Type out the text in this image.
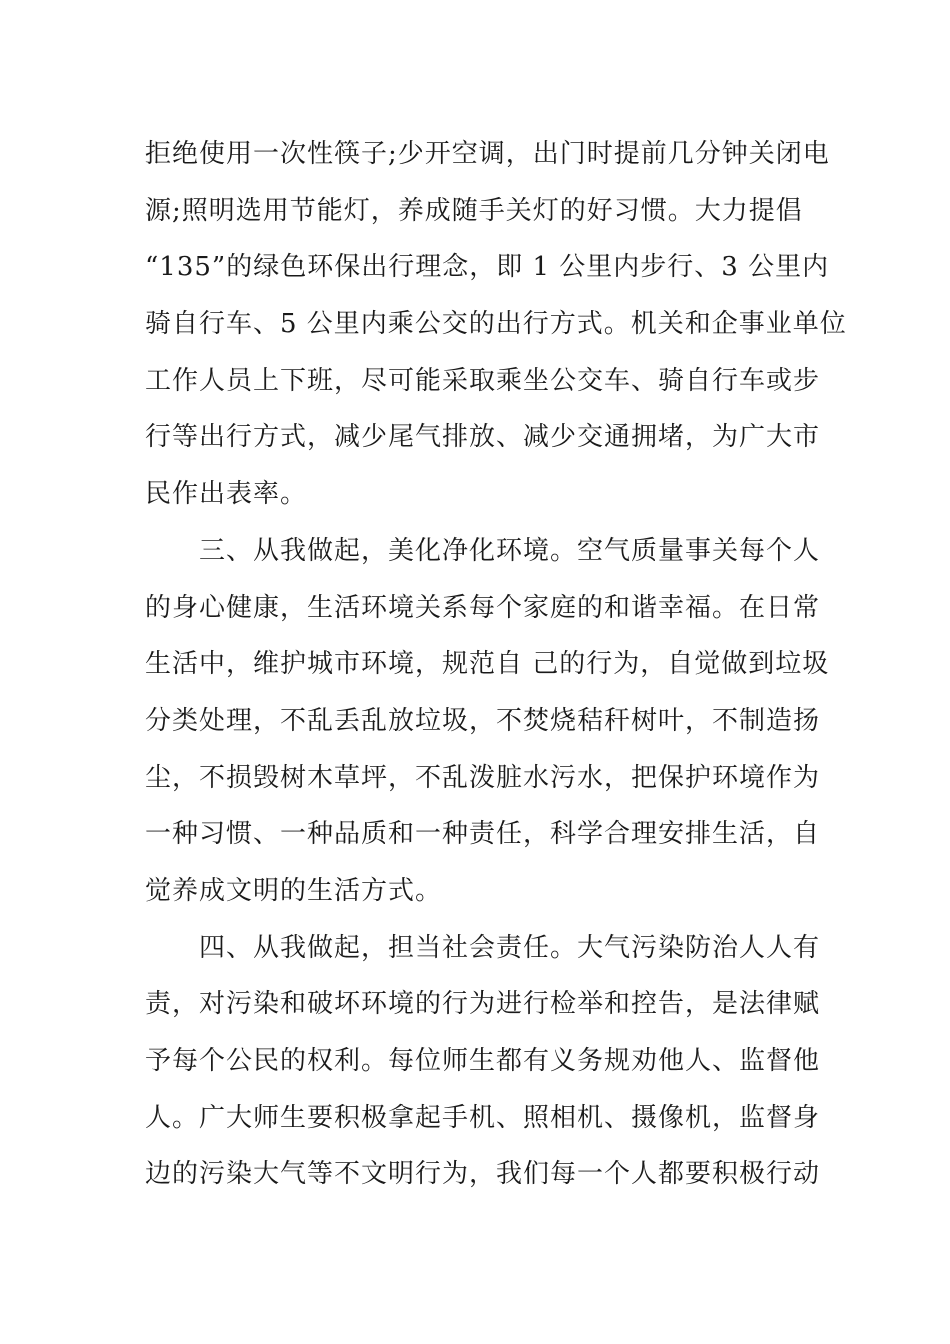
拒绝使用一次性筷子;少开空调，出门时提前几分钟关闭电
源;照明选用节能灯，养成随手关灯的好习惯。大力提倡
“135”的绿色环保出行理念，即 1 公里内步行、3 公里内
骑自行车、5 公里内乘公交的出行方式。机关和企事业单位
工作人员上下班，尽可能采取乘坐公交车、骑自行车或步
行等出行方式，减少尾气排放、减少交通拥堵，为广大市
民作出表率。
三、从我做起，美化净化环境。空气质量事关每个人
的身心健康，生活环境关系每个家庭的和谐幸福。在日常
生活中，维护城市环境，规范自 己的行为，自觉做到垃圾
分类处理，不乱丢乱放垃圾，不焚烧秸秆树叶，不制造扬
尘，不损毁树木草坪，不乱泼脏水污水，把保护环境作为
一种习惯、一种品质和一种责任，科学合理安排生活，自
觉养成文明的生活方式。
四、从我做起，担当社会责任。大气污染防治人人有
责，对污染和破坏环境的行为进行检举和控告，是法律赋
予每个公民的权利。每位师生都有义务规劝他人、监督他
人。广大师生要积极拿起手机、照相机、摄像机，监督身
边的污染大气等不文明行为，我们每一个人都要积极行动
